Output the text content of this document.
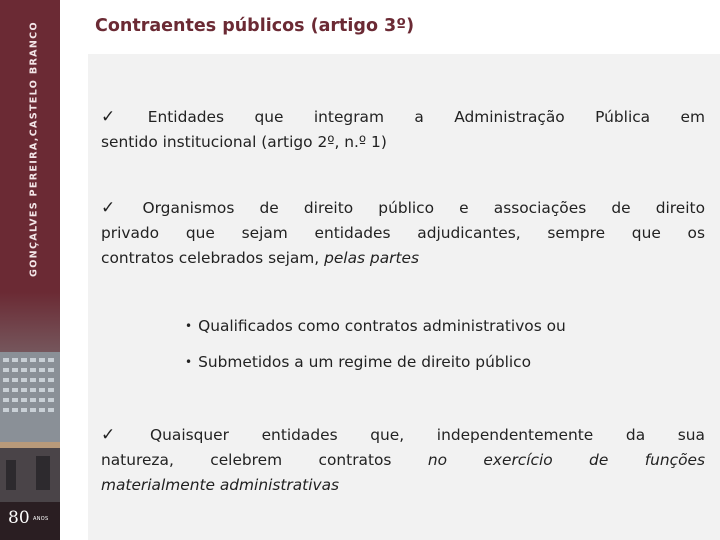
GONÇALVES PEREIRA,CASTELO BRANCO
80 ANOS
Contraentes públicos (artigo 3º)
✓ Entidades que integram a Administração Pública em
sentido institucional (artigo 2º, n.º 1)
✓ Organismos de direito público e associações de direito
privado que sejam entidades adjudicantes, sempre que os
contratos celebrados sejam, pelas partes
• Qualificados como contratos administrativos ou
• Submetidos a um regime de direito público
✓ Quaisquer entidades que, independentemente da sua
natureza, celebrem contratos no exercício de funções
materialmente administrativas
